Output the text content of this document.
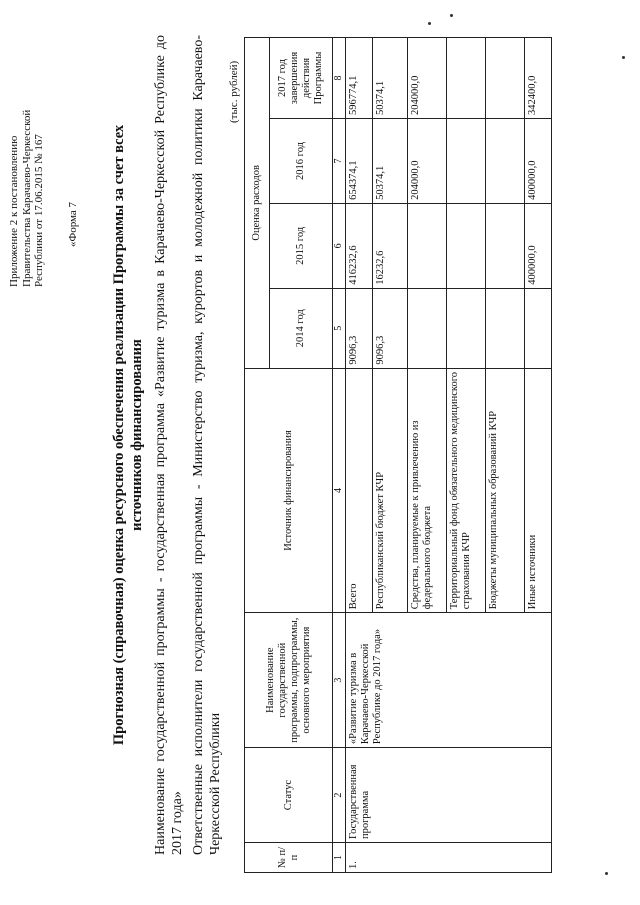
Приложение 2 к постановлению Правительства Карачаево-Черкесской Республики от 17.06.2015 № 167 «Форма 7 Прогнозная (справочная) оценка ресурсного обеспечения реализации Программы за счет всех источников финансирования Наименование государственной программы - государственная программа «Развитие туризма в Карачаево-Черкесской Республике до 2017 года» Ответственные исполнители государственной программы - Министерство туризма, курортов и молодежной политики Карачаево-Черкесской Республики
(тыс. рублей)
№ п/п	Статус	Наименование государственной программы, подпрограммы, основного мероприятия	Источник финансирования	Оценка расходов			
				2014 год	2015 год	2016 год	2017 год завершения действия Программы
1	2	3	4	5	6	7	8
1.	Государственная программа	«Развитие туризма в Карачаево-Черкесской Республике до 2017 года»	Всего	9096,3	416232,6	654374,1	596774,1
			Республиканский бюджет КЧР	9096,3	16232,6	50374,1	50374,1
			Средства, планируемые к привлечению из федерального бюджета			204000,0	204000,0
			Территориальный фонд обязательного медицинского страхования КЧР				
			Бюджеты муниципальных образований КЧР				
			Иные источники		400000,0	400000,0	342400,0
